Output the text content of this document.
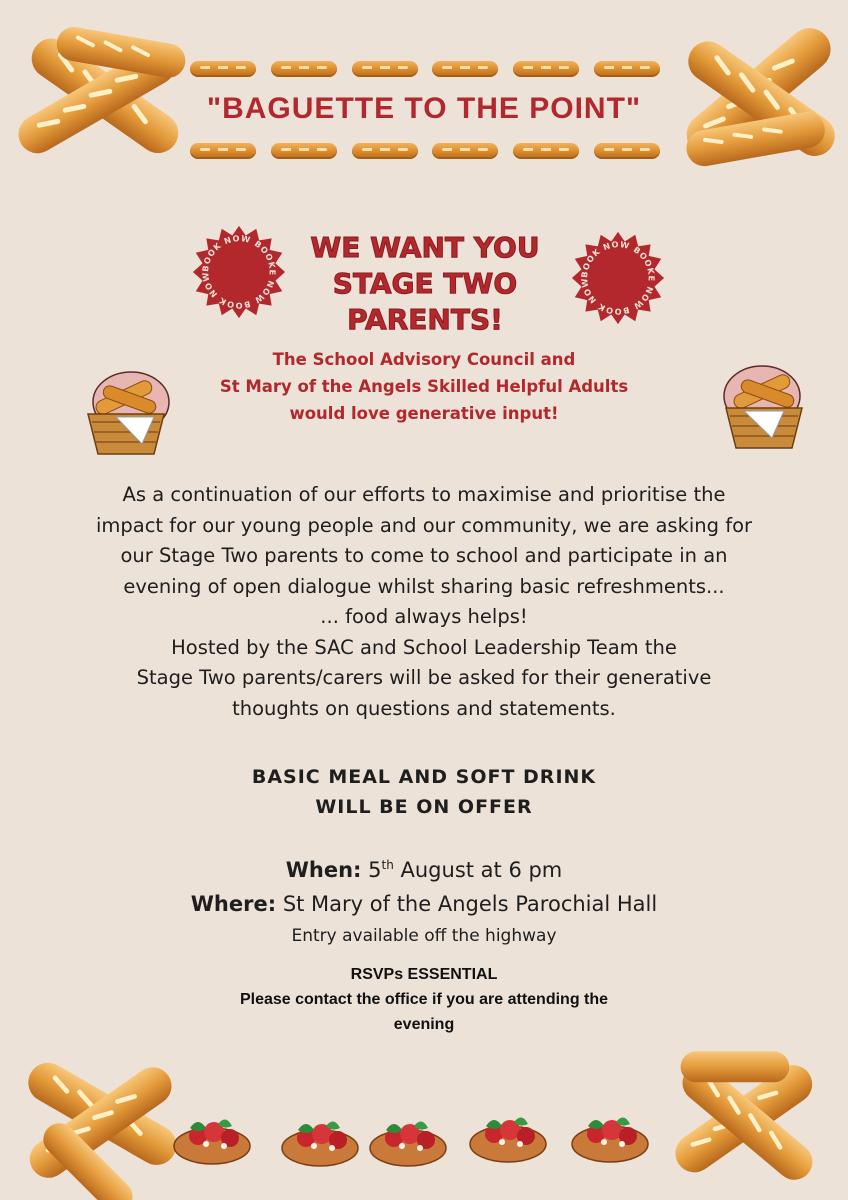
"BAGUETTE TO THE POINT"
BOOK NOW BOOKE NOW BOOK NOW	BOOK NOW BOOKE NOW BOOK NOW
WE WANT YOU
STAGE TWO
PARENTS!
The School Advisory Council and
St Mary of the Angels Skilled Helpful Adults
would love generative input!
As a continuation of our efforts to maximise and prioritise the
impact for our young people and our community, we are asking for
our Stage Two parents to come to school and participate in an
evening of open dialogue whilst sharing basic refreshments...
... food always helps!
Hosted by the SAC and School Leadership Team the
Stage Two parents/carers will be asked for their generative
thoughts on questions and statements.
BASIC MEAL AND SOFT DRINK
WILL BE ON OFFER
When: 5th August at 6 pm
Where: St Mary of the Angels Parochial Hall
Entry available off the highway
RSVPs ESSENTIAL
Please contact the office if you are attending the
evening
